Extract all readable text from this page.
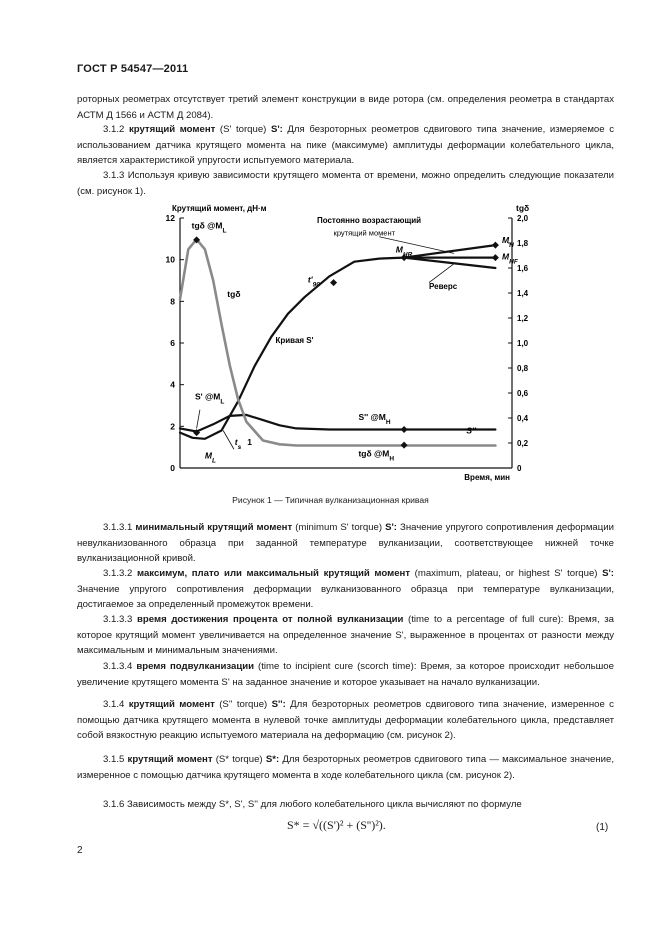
ГОСТ Р 54547—2011
роторных реометрах отсутствует третий элемент конструкции в виде ротора (см. определения реометра в стандартах АСТМ Д 1566 и АСТМ Д 2084).
3.1.2 крутящий момент (S' torque) S': Для безроторных реометров сдвигового типа значение, измеряемое с использованием датчика крутящего момента на пике (максимуме) амплитуды деформации колебательного цикла, является характеристикой упругости испытуемого материала.
3.1.3 Используя кривую зависимости крутящего момента от времени, можно определить следующие показатели (см. рисунок 1).
0
2
4
6
8
10
12
0
0,2
0,4
0,6
0,8
1,0
1,2
1,4
1,6
1,8
2,0
Крутящий момент, дН·м	tgδ
Время, мин
tgδ $@M_L$
tgδ
Кривая S'
S' $@M_L$
$M_L$
$t_s$ 1
$t'_{90}$
$M_{HR}$
$M_H$
$M_{HF}$
S'' $@M_H$
tgδ $@M_H$
S''
Постоянно возрастающий
крутящий момент
Реверс
Рисунок 1 — Типичная вулканизационная кривая
3.1.3.1 минимальный крутящий момент (minimum S' torque) S': Значение упругого сопротивления деформации невулканизованного образца при заданной температуре вулканизации, соответствующее нижней точке вулканизационной кривой.
3.1.3.2 максимум, плато или максимальный крутящий момент (maximum, plateau, or highest S' torque) S': Значение упругого сопротивления деформации вулканизованного образца при температуре вулканизации, достигаемое за определенный промежуток времени.
3.1.3.3 время достижения процента от полной вулканизации (time to a percentage of full cure): Время, за которое крутящий момент увеличивается на определенное значение S', выраженное в процентах от разности между максимальным и минимальным значениями.
3.1.3.4 время подвулканизации (time to incipient cure (scorch time): Время, за которое происходит небольшое увеличение крутящего момента S' на заданное значение и которое указывает на начало вулканизации.
3.1.4 крутящий момент (S'' torque) S'': Для безроторных реометров сдвигового типа значение, измеренное с помощью датчика крутящего момента в нулевой точке амплитуды деформации колебательного цикла, представляет собой вязкостную реакцию испытуемого материала на деформацию (см. рисунок 2).
3.1.5 крутящий момент (S* torque) S*: Для безроторных реометров сдвигового типа — максимальное значение, измеренное с помощью датчика крутящего момента в ходе колебательного цикла (см. рисунок 2).
3.1.6 Зависимость между S*, S', S'' для любого колебательного цикла вычисляют по формуле
S* = √((S')² + (S'')²).	(1)
2
